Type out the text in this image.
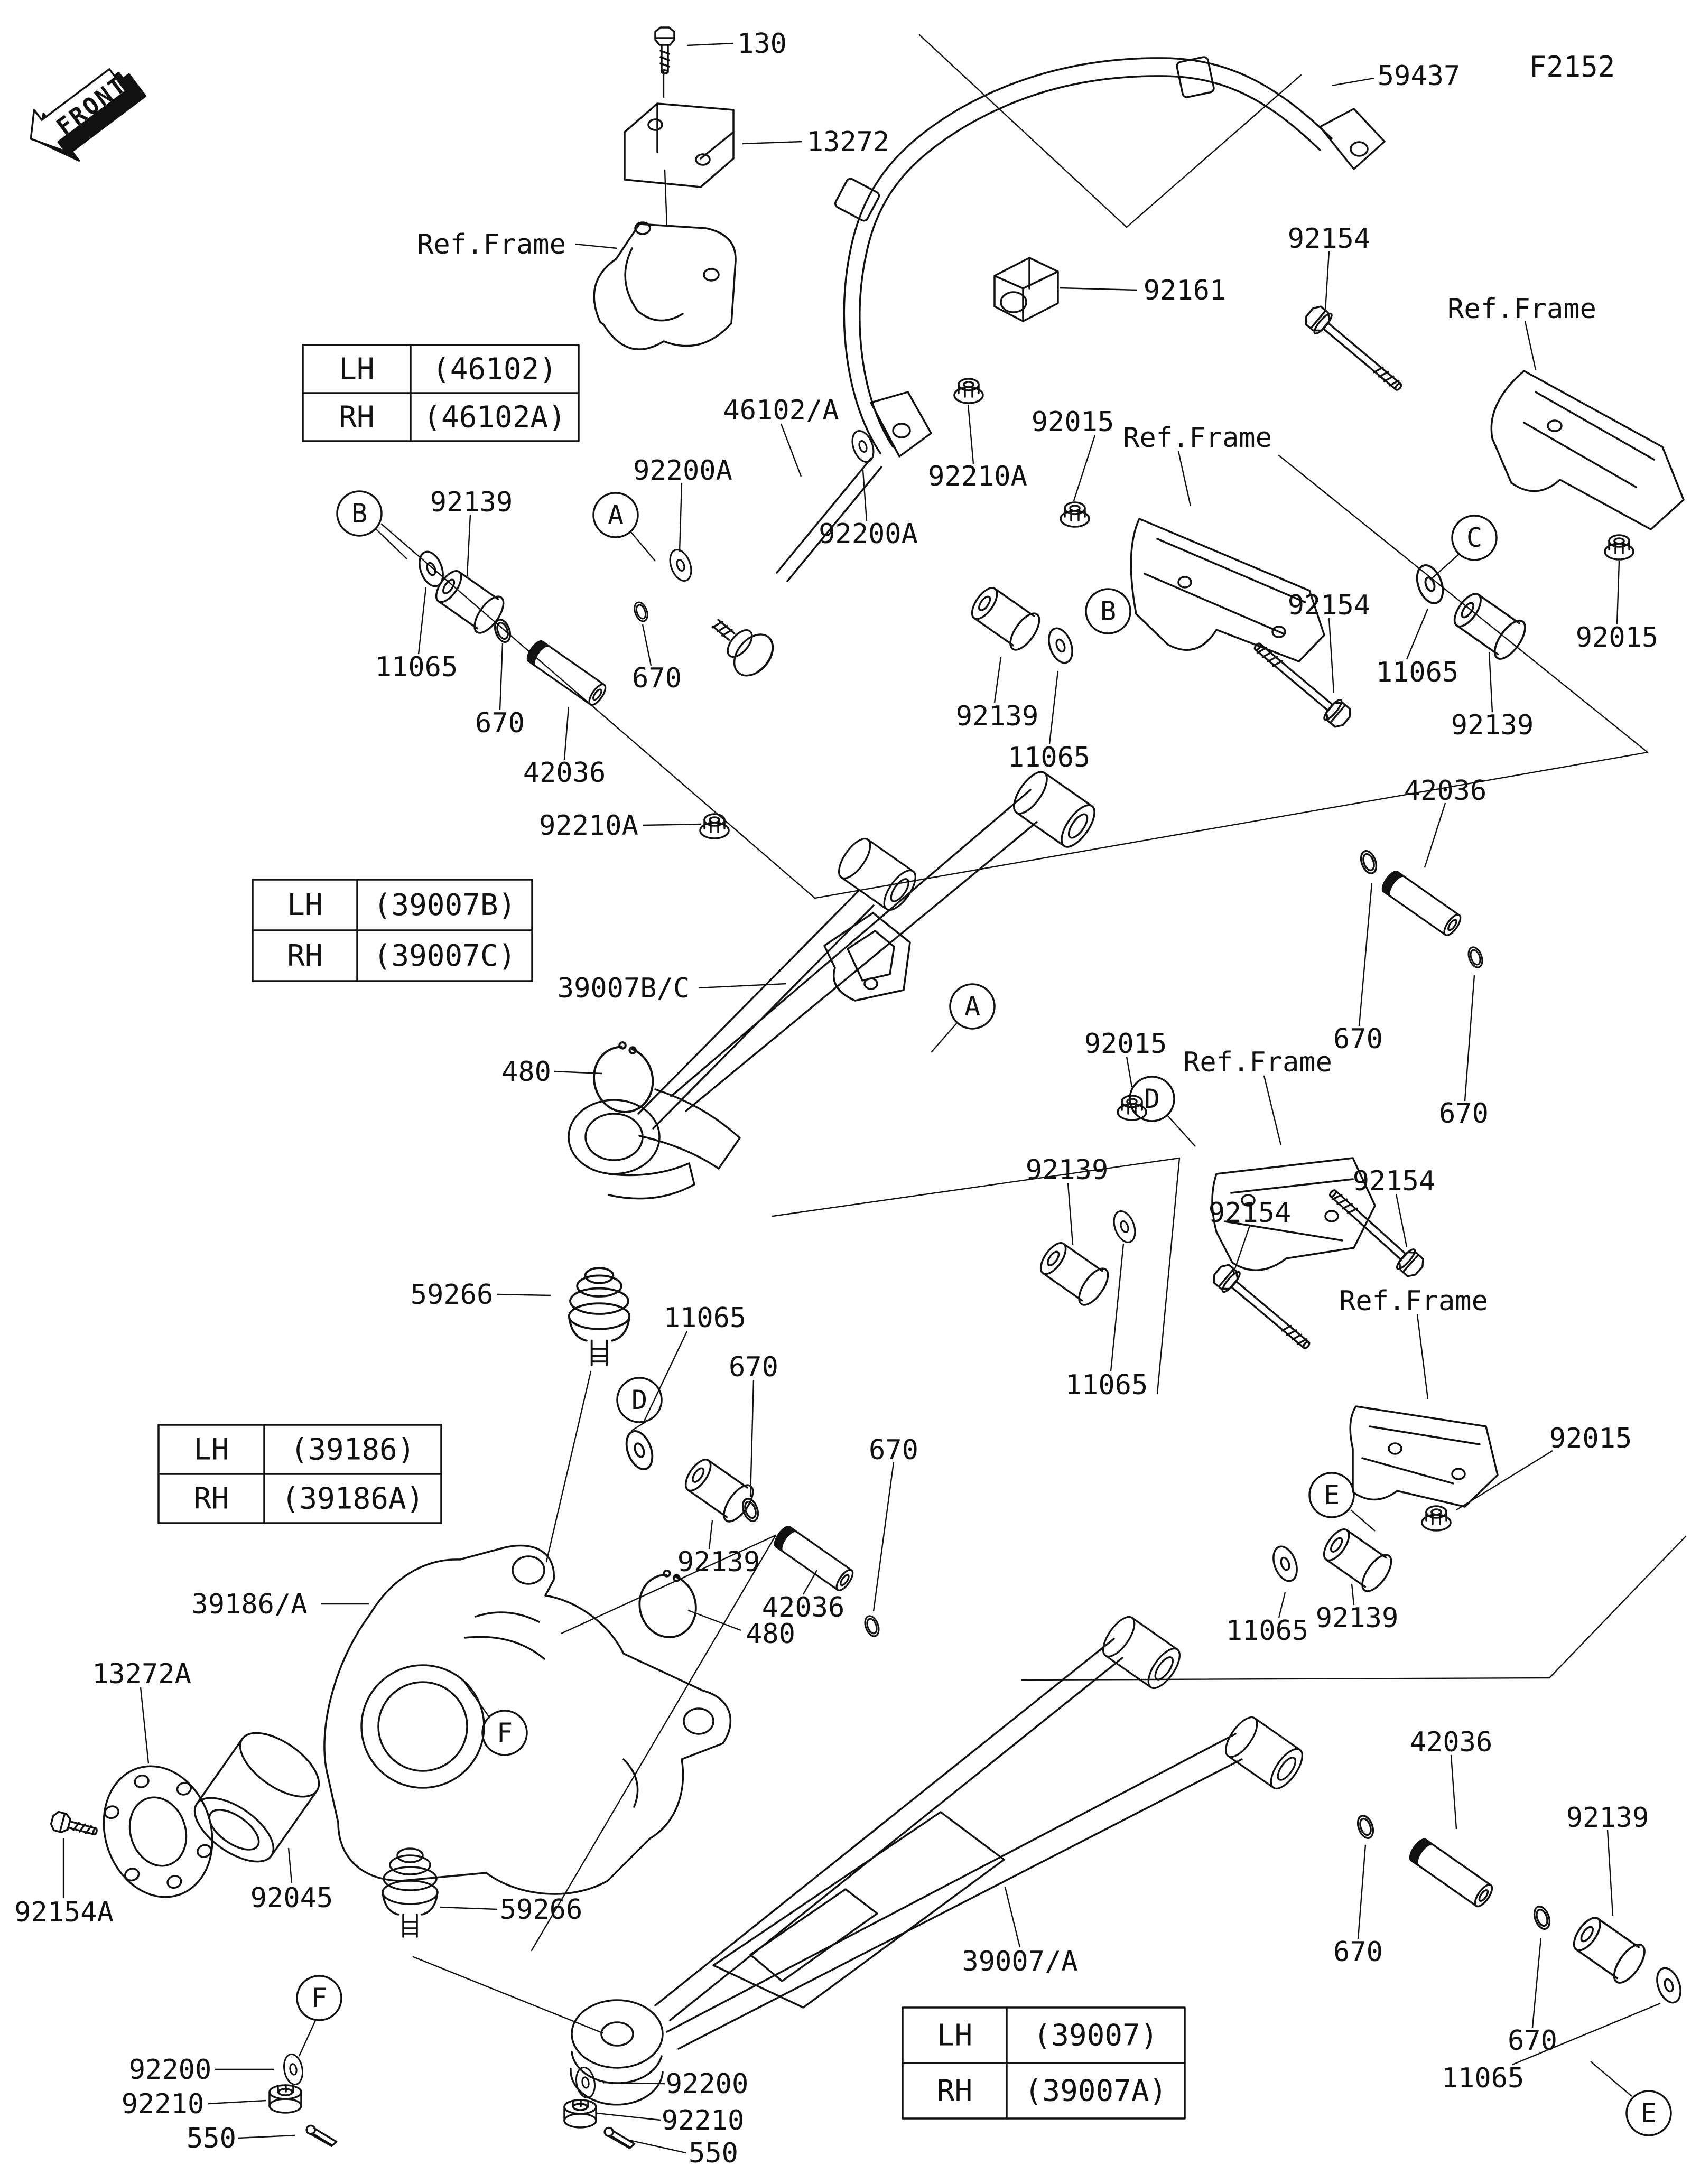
FRONT
F2152
130
13272
59437
Ref.Frame
92161
92154
Ref.Frame
92015 Ref.Frame
46102/A
92200A	92210A
92200A
92139
11065
670
42036
670
92210A
39007B/C
480
59266
11065
670
92139
42036
670
39186/A
13272A
92154A	92045	59266
92200
92210
550
92139
11065
92154
92015
11065
92139
42036
670
670
92015
Ref.Frame
92139	92154
11065
92154
Ref.Frame
92015
92139
11065
39007/A
92200
92210
550
480
670
42036
670
92139
11065
LH (46102)
RH (46102A)
LH (39007B)
RH (39007C)
LH (39186)
RH (39186A)
LH (39007)
RH (39007A)
B	A
C
B
A
D
D
E
F
F
E
